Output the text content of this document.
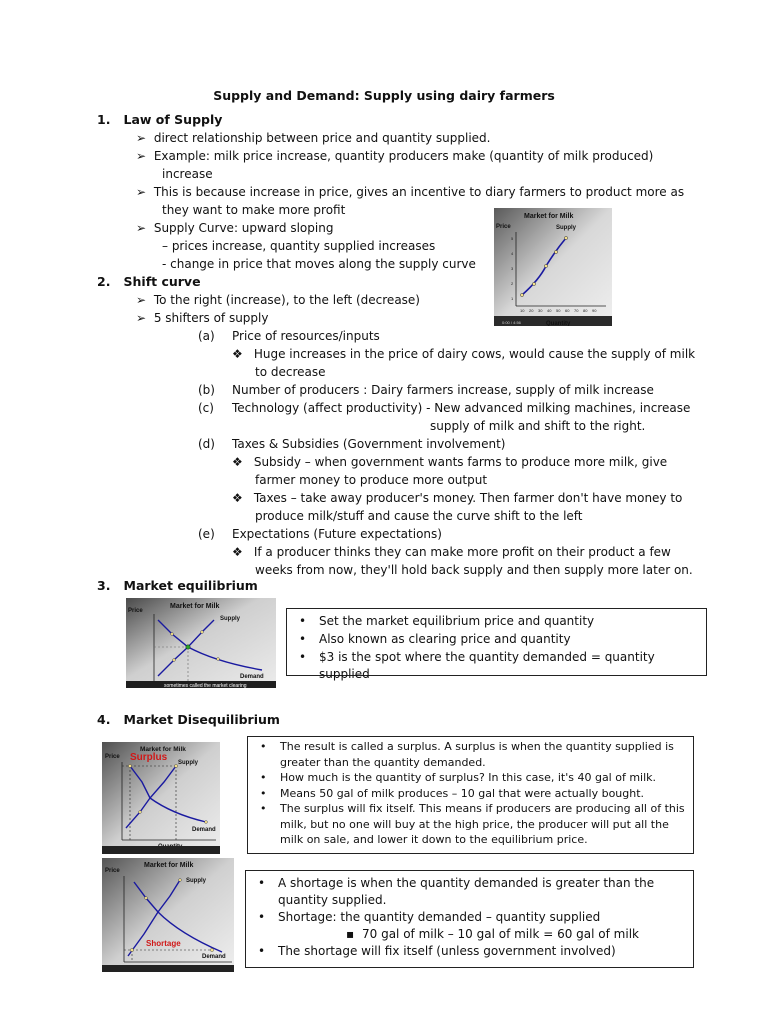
Supply and Demand: Supply using dairy farmers
1.   Law of Supply
➢ direct relationship between price and quantity supplied.
➢ Example: milk price increase, quantity producers make (quantity of milk produced)
increase
➢ This is because increase in price, gives an incentive to diary farmers to product more as
they want to make more profit
➢ Supply Curve: upward sloping
– prices increase, quantity supplied increases
- change in price that moves along the supply curve
Market for Milk
Price	Supply
5
4
3
2
1
10 20 30 40 50 60 70 80 90
0:00 / 4:56	Quantity
2.   Shift curve
➢ To the right (increase), to the left (decrease)
➢ 5 shifters of supply
(a) Price of resources/inputs
❖ Huge increases in the price of dairy cows, would cause the supply of milk
to decrease
(b) Number of producers : Dairy farmers increase, supply of milk increase
(c) Technology (affect productivity) - New advanced milking machines, increase
supply of milk and shift to the right.
(d) Taxes & Subsidies (Government involvement)
❖ Subsidy – when government wants farms to produce more milk, give
farmer money to produce more output
❖ Taxes – take away producer's money. Then farmer don't have money to
produce milk/stuff and cause the curve shift to the left
(e) Expectations (Future expectations)
❖ If a producer thinks they can make more profit on their product a few
weeks from now, they'll hold back supply and then supply more later on.
3.   Market equilibrium
Market for Milk
Price
Supply
Demand
sometimes called the market clearing
• Set the market equilibrium price and quantity
• Also known as clearing price and quantity
• $3 is the spot where the quantity demanded = quantity supplied
4.   Market Disequilibrium
Market for Milk
Surplus
Price
Supply
Demand
• The result is called a surplus. A surplus is when the quantity supplied is greater than the quantity demanded.
• How much is the quantity of surplus? In this case, it's 40 gal of milk.
• Means 50 gal of milk produces – 10 gal that were actually bought.
• The surplus will fix itself. This means if producers are producing all of this milk, but no one will buy at the high price, the producer will put all the milk on sale, and lower it down to the equilibrium price.
Market for Milk
Price
Supply
Demand
Shortage
• A shortage is when the quantity demanded is greater than the quantity supplied.
• Shortage: the quantity demanded – quantity supplied
▪ 70 gal of milk – 10 gal of milk = 60 gal of milk
• The shortage will fix itself (unless government involved)
